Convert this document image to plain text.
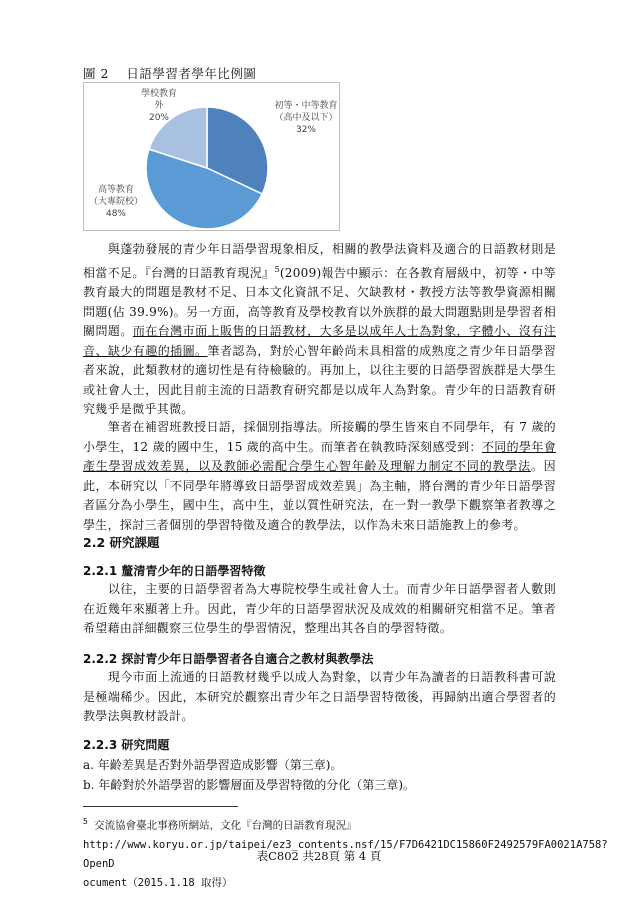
圖 2　 日語學習者學年比例圖
初等・中等教育
（高中及以下）
32%
高等教育
（大專院校）
48%
學校教育
外
20%

　　與蓬勃發展的青少年日語學習現象相反，相關的教學法資料及適合的日語教材則是相當不足。『台灣的日語教育現況』$^5$(2009)報告中顯示：在各教育層級中，初等・中等教育最大的問題是教材不足、日本文化資訊不足、欠缺教材・教授方法等教學資源相關問題(佔 39.9%)。另一方面，高等教育及學校教育以外族群的最大問題點則是學習者相關問題。而在台灣市面上販售的日語教材，大多是以成年人士為對象，字體小、沒有注音、缺少有趣的插圖。筆者認為，對於心智年齡尚未具相當的成熟度之青少年日語學習者來說，此類教材的適切性是有待檢驗的。再加上，以往主要的日語學習族群是大學生或社會人士，因此目前主流的日語教育研究都是以成年人為對象。青少年的日語教育研究幾乎是微乎其微。

　　筆者在補習班教授日語，採個別指導法。所接觸的學生皆來自不同學年，有 7 歲的小學生，12 歲的國中生，15 歲的高中生。而筆者在執教時深刻感受到：不同的學年會產生學習成效差異，以及教師必需配合學生心智年齡及理解力制定不同的教學法。因此，本研究以「不同學年將導致日語學習成效差異」為主軸，將台灣的青少年日語學習者區分為小學生，國中生，高中生，並以質性研究法，在一對一教學下觀察筆者教導之學生，探討三者個別的學習特徵及適合的教學法，以作為未來日語施教上的參考。

2.2 研究課題
2.2.1 釐清青少年的日語學習特徵

　　以往，主要的日語學習者為大專院校學生或社會人士。而青少年日語學習者人數則在近幾年來顯著上升。因此，青少年的日語學習狀況及成效的相關研究相當不足。筆者希望藉由詳細觀察三位學生的學習情況，整理出其各自的學習特徵。

2.2.2 探討青少年日語學習者各自適合之教材與教學法

　　現今市面上流通的日語教材幾乎以成人為對象，以青少年為讀者的日語教科書可說是極端稀少。因此，本研究於觀察出青少年之日語學習特徵後，再歸納出適合學習者的教學法與教材設計。

2.2.3 研究問題
a. 年齡差異是否對外語學習造成影響（第三章)。
b. 年齡對於外語學習的影響層面及學習特徵的分化（第三章)。
$^5$ 交流協會臺北事務所網站，文化『台灣的日語教育現況』
http://www.koryu.or.jp/taipei/ez3_contents.nsf/15/F7D6421DC15860F2492579FA0021A758?OpenD
ocument（2015.1.18 取得）
表C802 共28頁 第 4 頁
